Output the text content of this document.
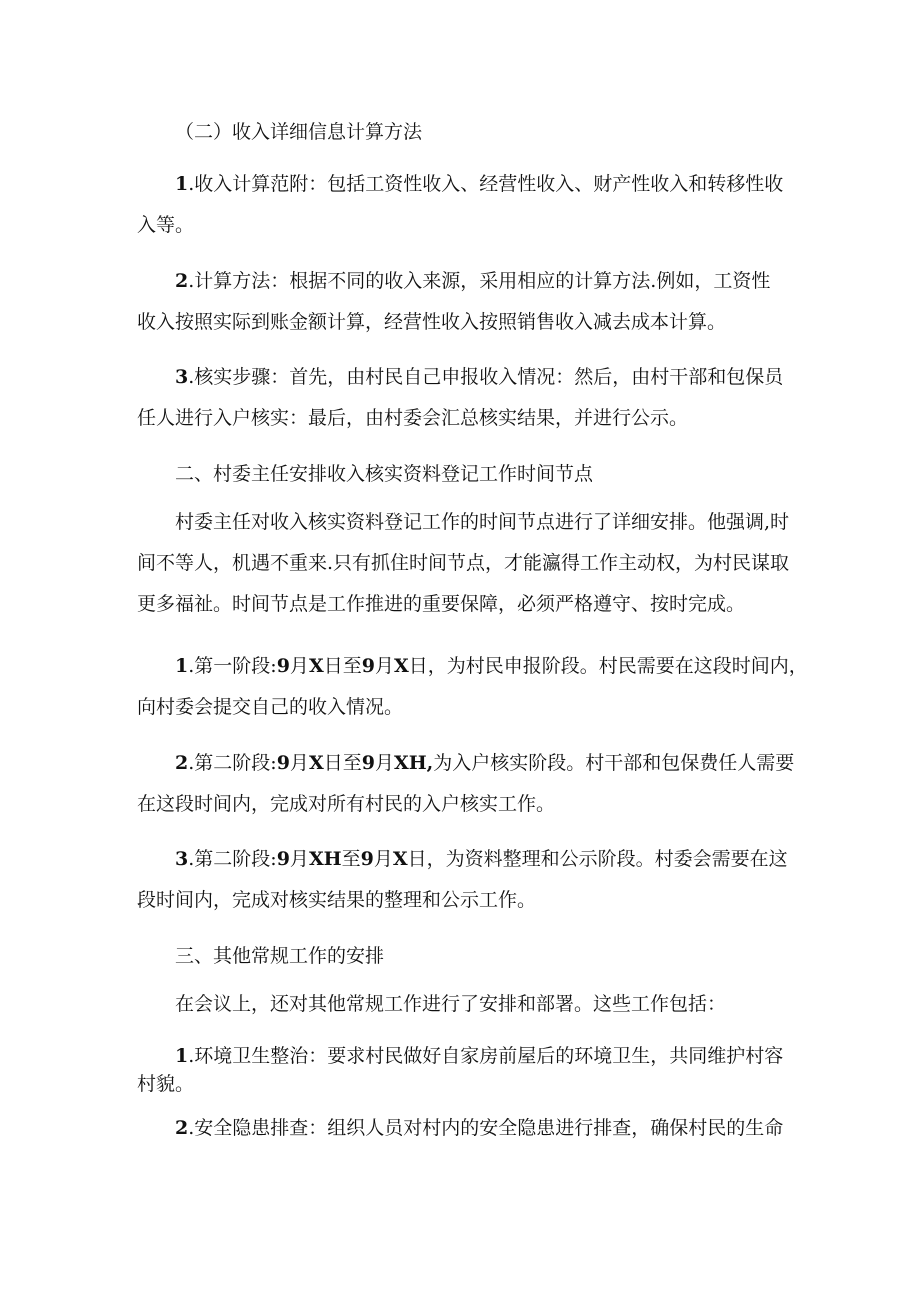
（二）收入详细信息计算方法

1.收入计算范附：包括工资性收入、经营性收入、财产性收入和转移性收
入等。

2.计算方法：根据不同的收入来源，采用相应的计算方法.例如，工资性
收入按照实际到账金额计算，经营性收入按照销售收入减去成本计算。

3.核实步骤：首先，由村民自己申报收入情况：然后，由村干部和包保员
任人进行入户核实：最后，由村委会汇总核实结果，并进行公示。

二、村委主任安排收入核实资料登记工作时间节点

村委主任对收入核实资料登记工作的时间节点进行了详细安排。他强调,时
间不等人，机遇不重来.只有抓住时间节点，才能瀛得工作主动权，为村民谋取
更多福祉。时间节点是工作推进的重要保障，必须严格遵守、按时完成。

1.第一阶段:9月X日至9月X日，为村民申报阶段。村民需要在这段时间内，
向村委会提交自己的收入情况。

2.第二阶段:9月X日至9月XH,为入户核实阶段。村干部和包保费任人需要
在这段时间内，完成对所有村民的入户核实工作。

3.第二阶段:9月XH至9月X日，为资料整理和公示阶段。村委会需要在这
段时间内，完成对核实结果的整理和公示工作。

三、其他常规工作的安排

在会议上，还对其他常规工作进行了安排和部署。这些工作包括：

1.环境卫生整治：要求村民做好自家房前屋后的环境卫生，共同维护村容
村貌。

2.安全隐患排查：组织人员对村内的安全隐患进行排查，确保村民的生命
